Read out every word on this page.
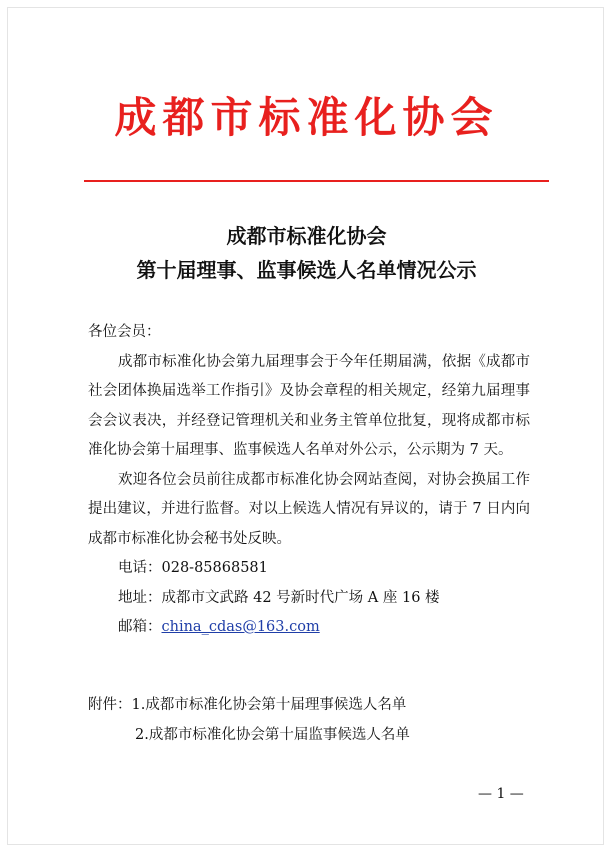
成都市标准化协会
成都市标准化协会
第十届理事、监事候选人名单情况公示

各位会员：

成都市标准化协会第九届理事会于今年任期届满，依据《成都市社会团体换届选举工作指引》及协会章程的相关规定，经第九届理事会会议表决，并经登记管理机关和业务主管单位批复，现将成都市标准化协会第十届理事、监事候选人名单对外公示，公示期为 7 天。

欢迎各位会员前往成都市标准化协会网站查阅，对协会换届工作提出建议，并进行监督。对以上候选人情况有异议的，请于 7 日内向成都市标准化协会秘书处反映。

电话：028-85868581

地址：成都市文武路 42 号新时代广场 A 座 16 楼

邮箱：china_cdas@163.com

附件：1.成都市标准化协会第十届理事候选人名单

2.成都市标准化协会第十届监事候选人名单

— 1 —
